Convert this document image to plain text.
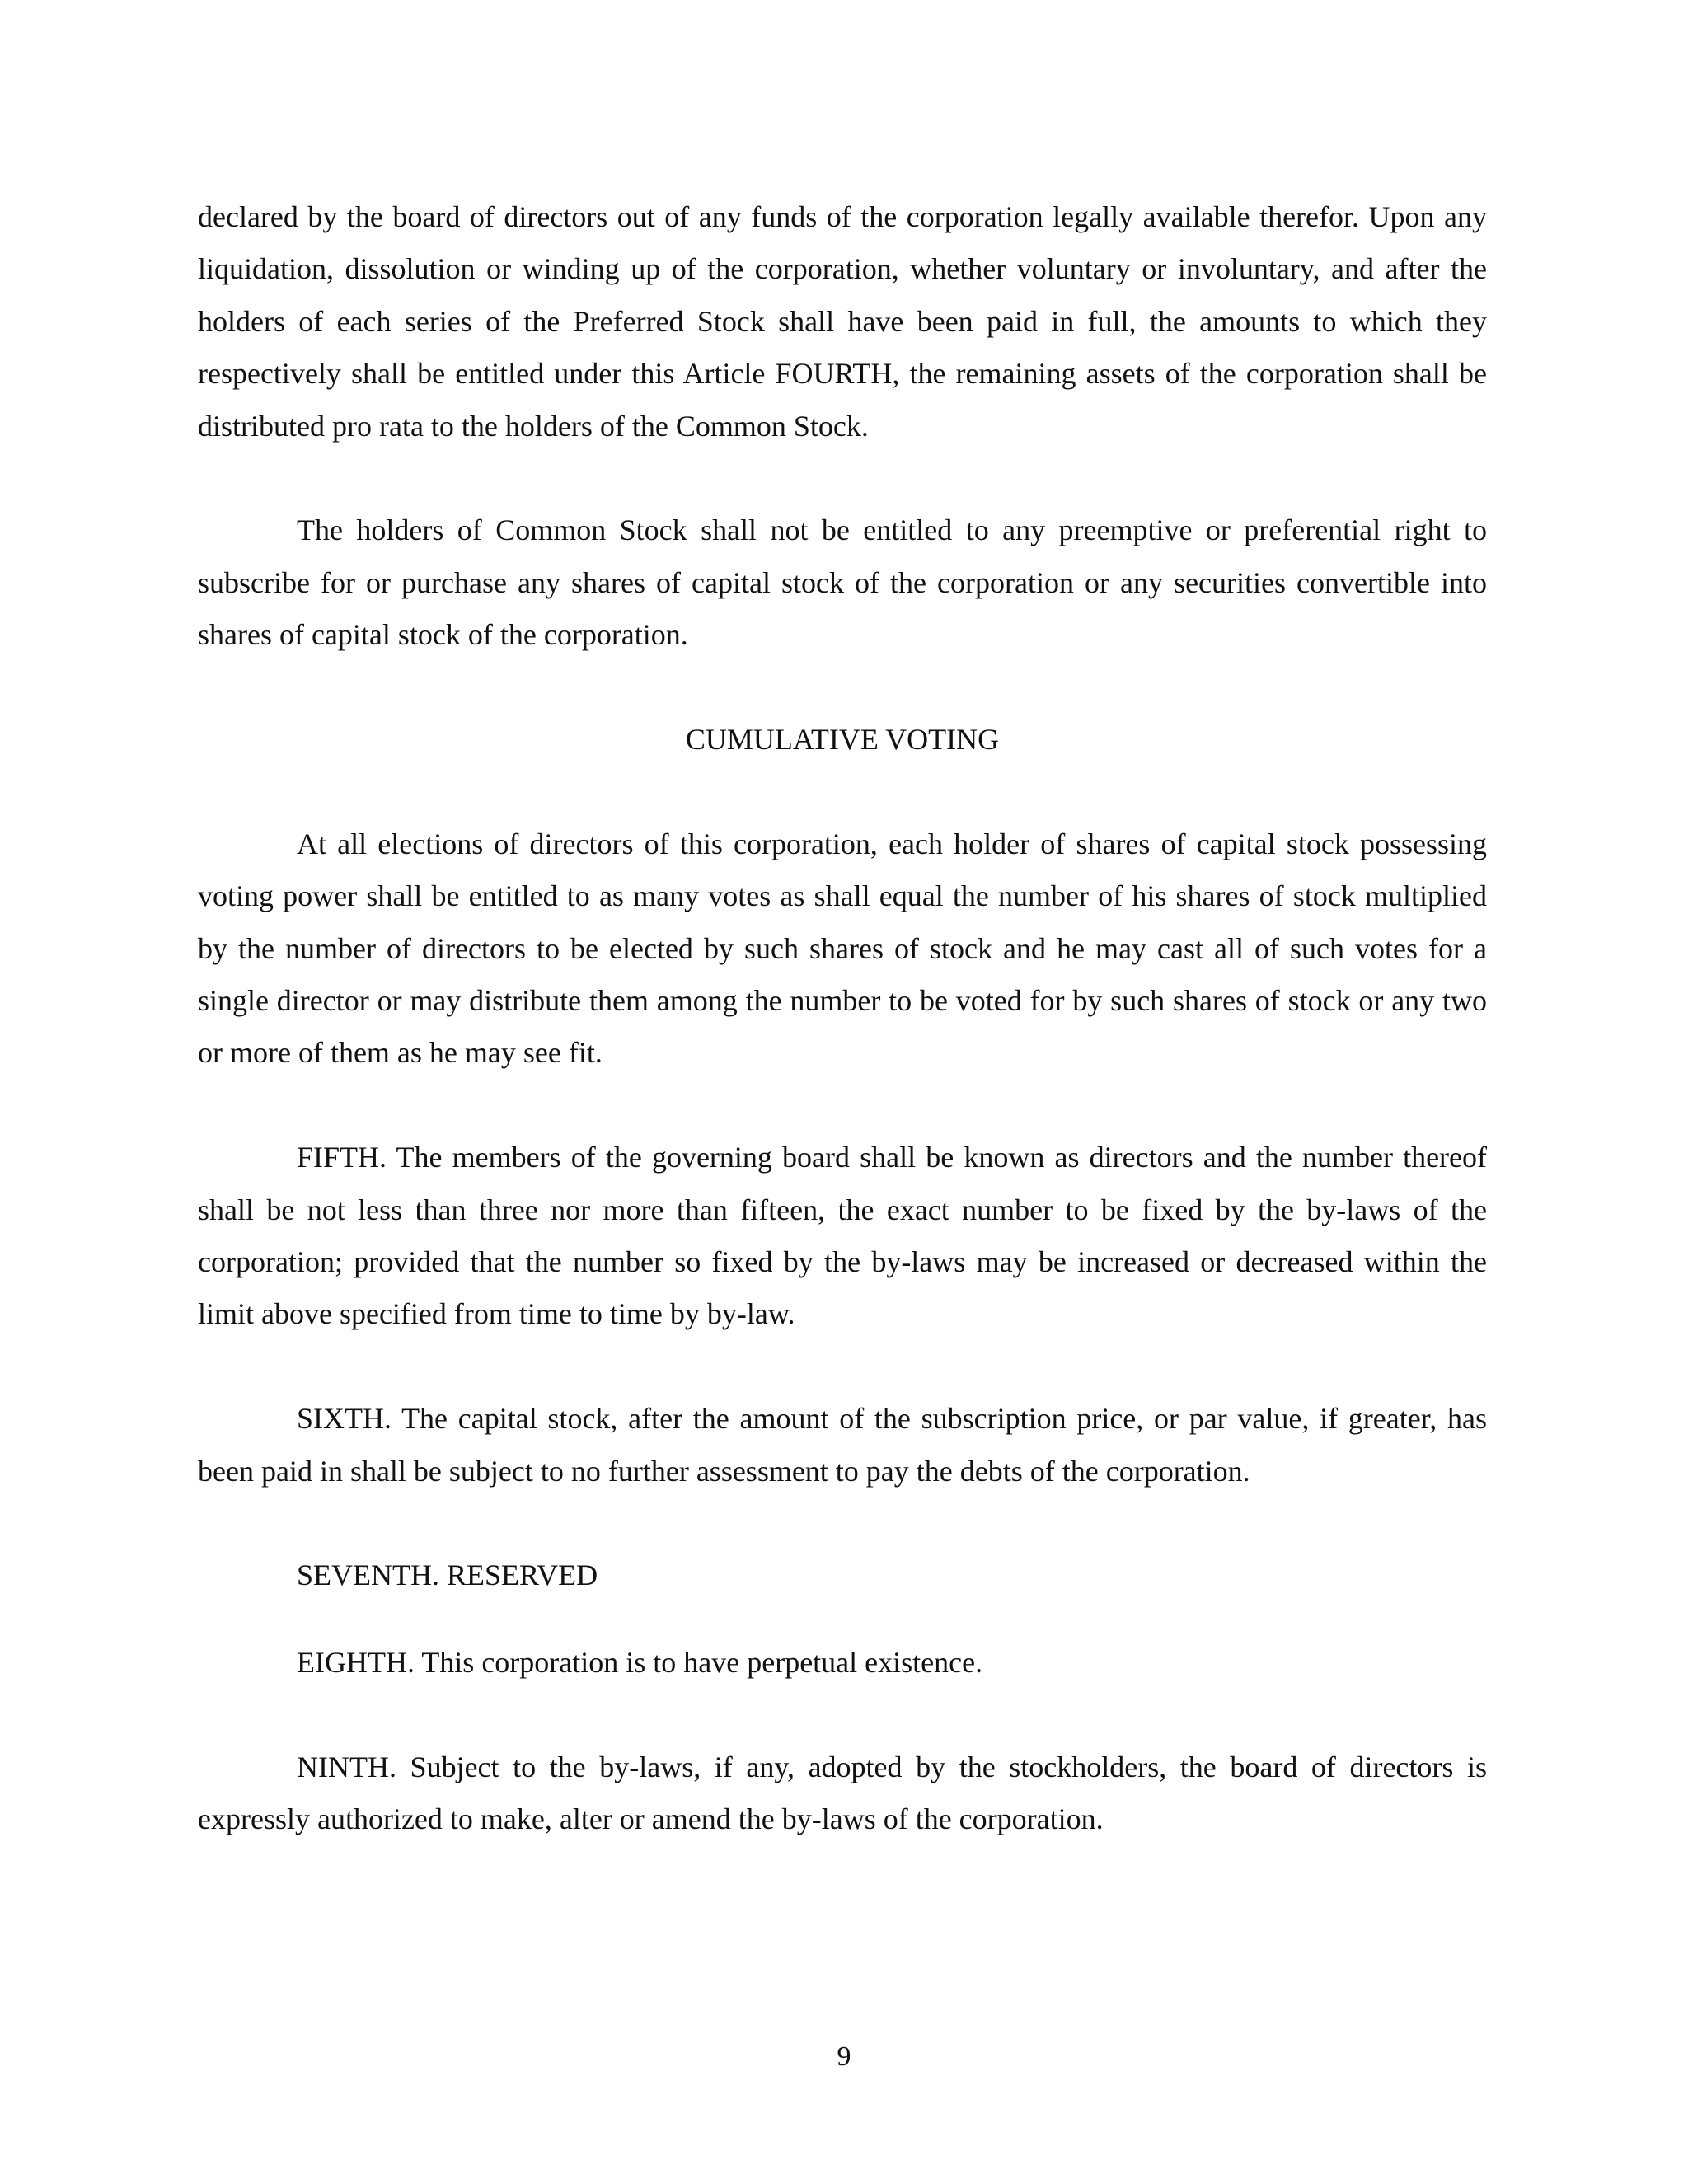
declared by the board of directors out of any funds of the corporation legally available therefor. Upon any liquidation, dissolution or winding up of the corporation, whether voluntary or involuntary, and after the holders of each series of the Preferred Stock shall have been paid in full, the amounts to which they respectively shall be entitled under this Article FOURTH, the remaining assets of the corporation shall be distributed pro rata to the holders of the Common Stock.

The holders of Common Stock shall not be entitled to any preemptive or preferential right to subscribe for or purchase any shares of capital stock of the corporation or any securities convertible into shares of capital stock of the corporation.

CUMULATIVE VOTING

At all elections of directors of this corporation, each holder of shares of capital stock possessing voting power shall be entitled to as many votes as shall equal the number of his shares of stock multiplied by the number of directors to be elected by such shares of stock and he may cast all of such votes for a single director or may distribute them among the number to be voted for by such shares of stock or any two or more of them as he may see fit.

FIFTH. The members of the governing board shall be known as directors and the number thereof shall be not less than three nor more than fifteen, the exact number to be fixed by the by-laws of the corporation; provided that the number so fixed by the by-laws may be increased or decreased within the limit above specified from time to time by by-law.

SIXTH. The capital stock, after the amount of the subscription price, or par value, if greater, has been paid in shall be subject to no further assessment to pay the debts of the corporation.

SEVENTH. RESERVED

EIGHTH. This corporation is to have perpetual existence.

NINTH. Subject to the by-laws, if any, adopted by the stockholders, the board of directors is expressly authorized to make, alter or amend the by-laws of the corporation.

9
